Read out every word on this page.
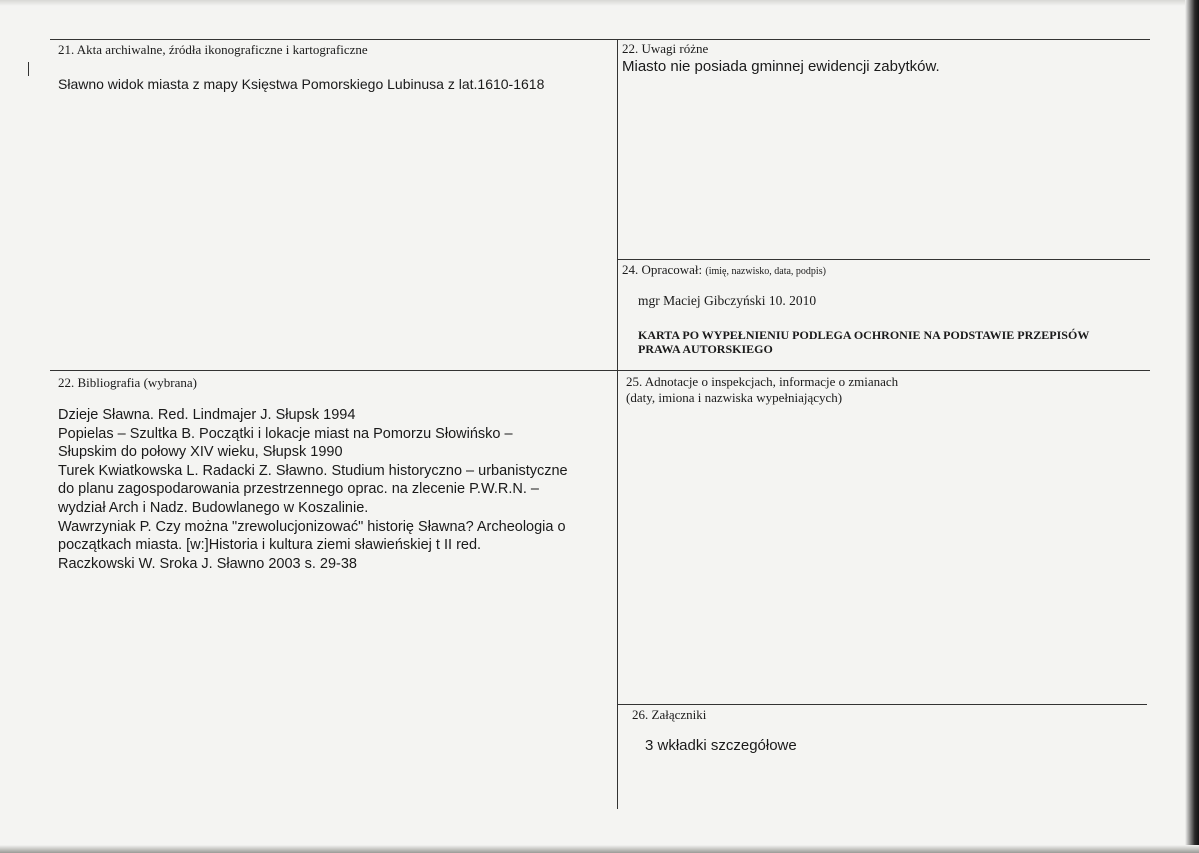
21. Akta archiwalne, źródła ikonograficzne i kartograficzne
Sławno widok miasta z mapy Księstwa Pomorskiego Lubinusa z lat.1610-1618
22. Uwagi różne
Miasto nie posiada gminnej ewidencji zabytków.
24. Opracował: (imię, nazwisko, data, podpis)
mgr Maciej Gibczyński 10. 2010
KARTA PO WYPEŁNIENIU PODLEGA OCHRONIE NA PODSTAWIE PRZEPISÓW
PRAWA AUTORSKIEGO
22. Bibliografia (wybrana)
Dzieje Sławna. Red. Lindmajer J. Słupsk 1994
Popielas – Szultka B. Początki i lokacje miast na Pomorzu Słowińsko –
Słupskim do połowy XIV wieku, Słupsk 1990
Turek Kwiatkowska L. Radacki Z. Sławno. Studium historyczno – urbanistyczne
do planu zagospodarowania przestrzennego oprac. na zlecenie P.W.R.N. –
wydział Arch i Nadz. Budowlanego w Koszalinie.
Wawrzyniak P. Czy można "zrewolucjonizować" historię Sławna? Archeologia o
początkach miasta. [w:]Historia i kultura ziemi sławieńskiej t II red.
Raczkowski W. Sroka J. Sławno 2003 s. 29-38
25. Adnotacje o inspekcjach, informacje o zmianach
(daty, imiona i nazwiska wypełniających)
26. Załączniki
3 wkładki szczegółowe
